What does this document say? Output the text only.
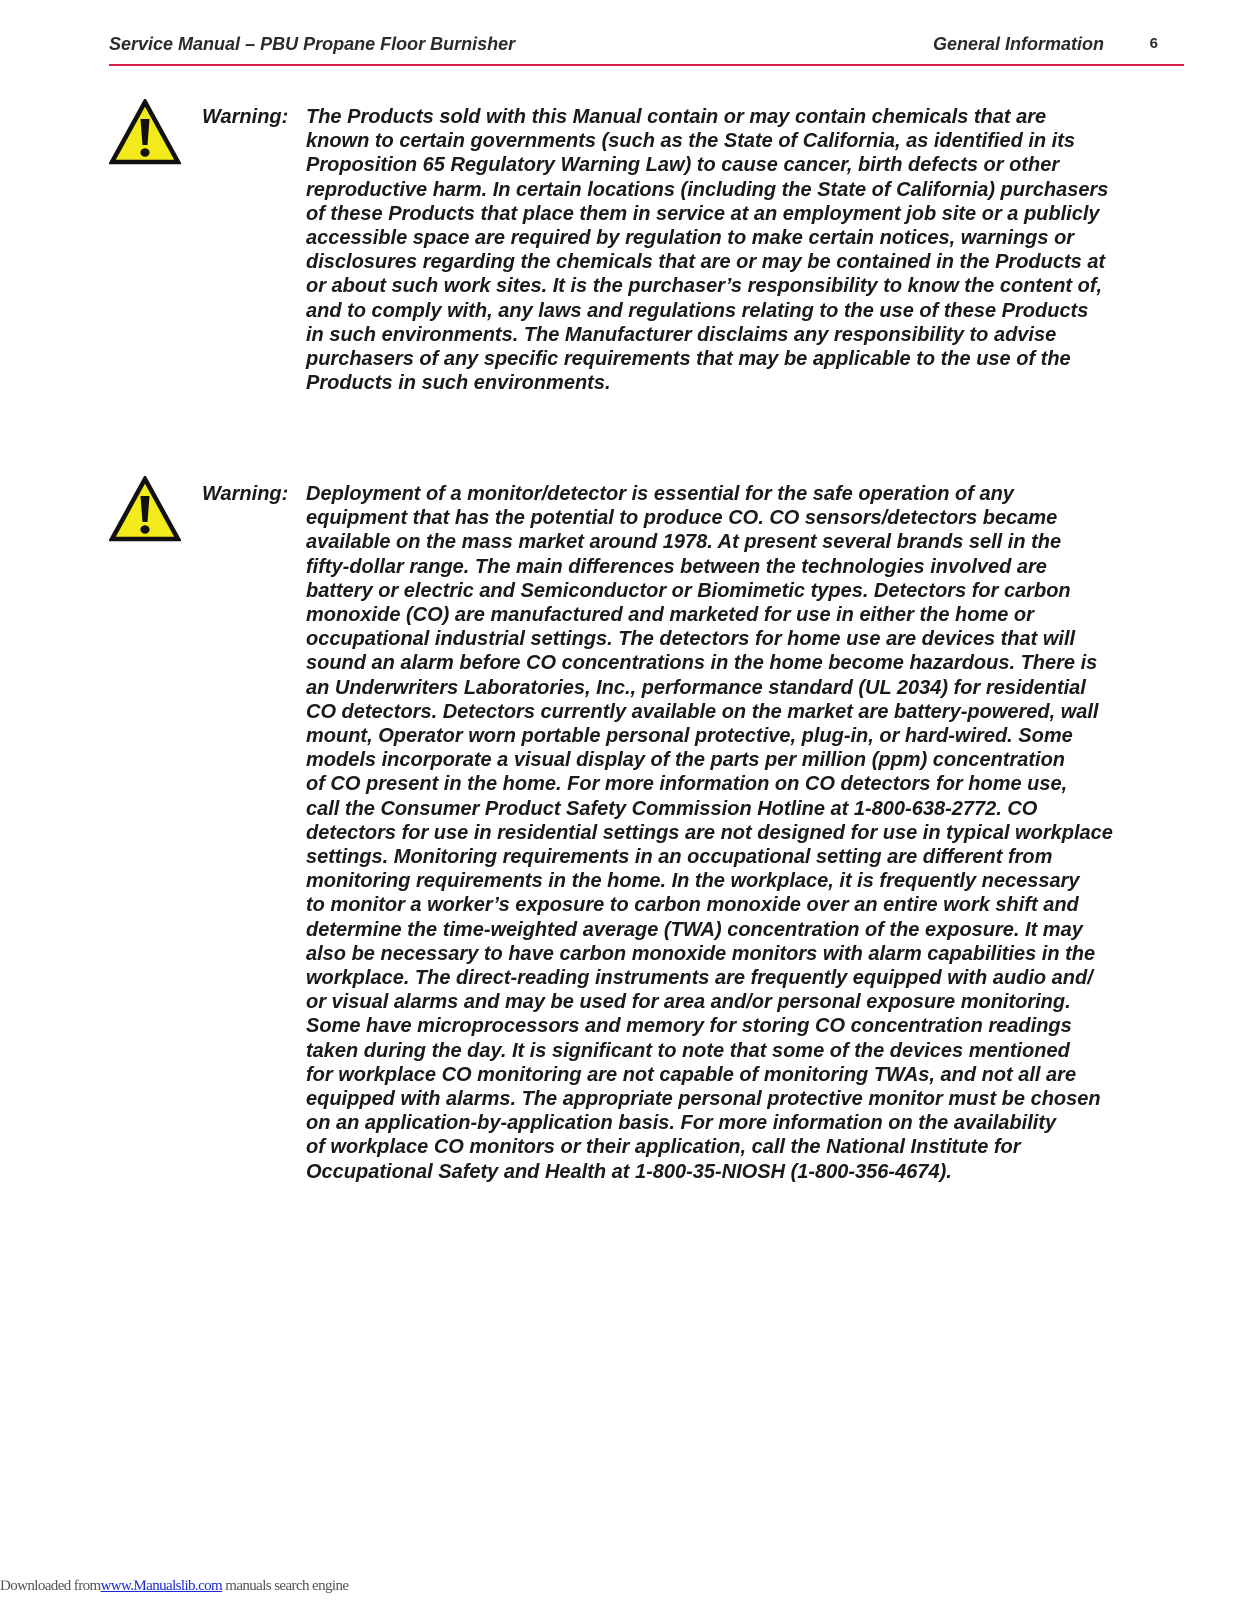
Service Manual – PBU Propane Floor Burnisher	General Information	6
Warning: The Products sold with this Manual contain or may contain chemicals that are
known to certain governments (such as the State of California, as identified in its
Proposition 65 Regulatory Warning Law) to cause cancer, birth defects or other
reproductive harm. In certain locations (including the State of California) purchasers
of these Products that place them in service at an employment job site or a publicly
accessible space are required by regulation to make certain notices, warnings or
disclosures regarding the chemicals that are or may be contained in the Products at
or about such work sites. It is the purchaser’s responsibility to know the content of,
and to comply with, any laws and regulations relating to the use of these Products
in such environments. The Manufacturer disclaims any responsibility to advise
purchasers of any specific requirements that may be applicable to the use of the
Products in such environments.
Warning: Deployment of a monitor/detector is essential for the safe operation of any
equipment that has the potential to produce CO. CO sensors/detectors became
available on the mass market around 1978. At present several brands sell in the
fifty-dollar range. The main differences between the technologies involved are
battery or electric and Semiconductor or Biomimetic types. Detectors for carbon
monoxide (CO) are manufactured and marketed for use in either the home or
occupational industrial settings. The detectors for home use are devices that will
sound an alarm before CO concentrations in the home become hazardous. There is
an Underwriters Laboratories, Inc., performance standard (UL 2034) for residential
CO detectors. Detectors currently available on the market are battery-powered, wall
mount, Operator worn portable personal protective, plug-in, or hard-wired. Some
models incorporate a visual display of the parts per million (ppm) concentration
of CO present in the home. For more information on CO detectors for home use,
call the Consumer Product Safety Commission Hotline at 1-800-638-2772. CO
detectors for use in residential settings are not designed for use in typical workplace
settings. Monitoring requirements in an occupational setting are different from
monitoring requirements in the home. In the workplace, it is frequently necessary
to monitor a worker’s exposure to carbon monoxide over an entire work shift and
determine the time-weighted average (TWA) concentration of the exposure. It may
also be necessary to have carbon monoxide monitors with alarm capabilities in the
workplace. The direct-reading instruments are frequently equipped with audio and/
or visual alarms and may be used for area and/or personal exposure monitoring.
Some have microprocessors and memory for storing CO concentration readings
taken during the day. It is significant to note that some of the devices mentioned
for workplace CO monitoring are not capable of monitoring TWAs, and not all are
equipped with alarms. The appropriate personal protective monitor must be chosen
on an application-by-application basis. For more information on the availability
of workplace CO monitors or their application, call the National Institute for
Occupational Safety and Health at 1-800-35-NIOSH (1-800-356-4674).
Downloaded fromwww.Manualslib.com manuals search engine
